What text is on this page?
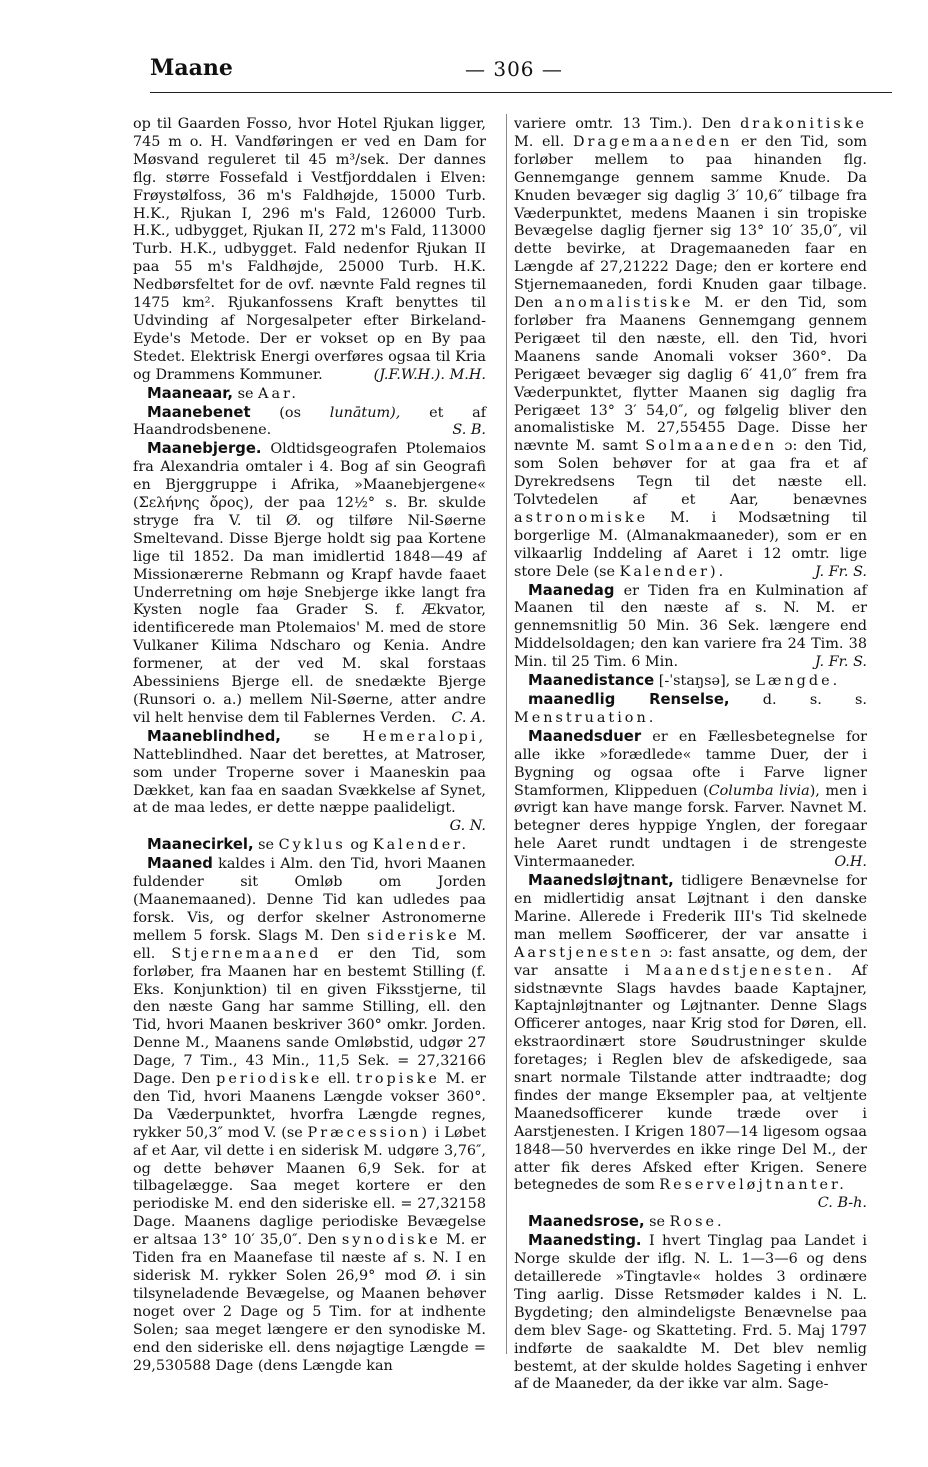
Maane	— 306 —

op til Gaarden Fosso, hvor Hotel Rjukan ligger, 745 m o. H. Vandføringen er ved en Dam for Møsvand reguleret til 45 m³/sek. Der dannes flg. større Fossefald i Vestfjorddalen i Elven: Frøystølfoss, 36 m's Faldhøjde, 15000 Turb. H.K., Rjukan I, 296 m's Fald, 126000 Turb. H.K., udbygget, Rjukan II, 272 m's Fald, 113000 Turb. H.K., udbygget. Fald nedenfor Rjukan II paa 55 m's Faldhøjde, 25000 Turb. H.K. Nedbørsfeltet for de ovf. nævnte Fald regnes til 1475 km². Rjukanfossens Kraft benyttes til Udvinding af Norgesalpeter efter Birkeland-Eyde's Metode. Der er vokset op en By paa Stedet. Elektrisk Energi overføres ogsaa til Kria og Drammens Kommuner.	(J.F.W.H.). M.H.

Maaneaar, se Aar.

Maanebenet (os lunātum), et af Haandrodsbenene.	S. B.

Maanebjerge. Oldtidsgeografen Ptolemaios fra Alexandria omtaler i 4. Bog af sin Geografi en Bjerggruppe i Afrika, »Maanebjergene« (Σελήνης ὄρος), der paa 12½° s. Br. skulde stryge fra V. til Ø. og tilføre Nil-Søerne Smeltevand. Disse Bjerge holdt sig paa Kortene lige til 1852. Da man imidlertid 1848—49 af Missionærerne Rebmann og Krapf havde faaet Underretning om høje Snebjerge ikke langt fra Kysten nogle faa Grader S. f. Ækvator, identificerede man Ptolemaios' M. med de store Vulkaner Kilima Ndscharo og Kenia. Andre formener, at der ved M. skal forstaas Abessiniens Bjerge ell. de snedækte Bjerge (Runsori o. a.) mellem Nil-Søerne, atter andre vil helt henvise dem til Fablernes Verden.	C. A.

Maaneblindhed, se Hemeralopi, Natteblindhed. Naar det berettes, at Matroser, som under Troperne sover i Maaneskin paa Dækket, kan faa en saadan Svækkelse af Synet, at de maa ledes, er dette næppe paalideligt.
G. N.

Maanecirkel, se Cyklus og Kalender.

Maaned kaldes i Alm. den Tid, hvori Maanen fuldender sit Omløb om Jorden (Maanemaaned). Denne Tid kan udledes paa forsk. Vis, og derfor skelner Astronomerne mellem 5 forsk. Slags M. Den sideriske M. ell. Stjernemaaned er den Tid, som forløber, fra Maanen har en bestemt Stilling (f. Eks. Konjunktion) til en given Fiksstjerne, til den næste Gang har samme Stilling, ell. den Tid, hvori Maanen beskriver 360° omkr. Jorden. Denne M., Maanens sande Omløbstid, udgør 27 Dage, 7 Tim., 43 Min., 11,5 Sek. = 27,32166 Dage. Den periodiske ell. tropiske M. er den Tid, hvori Maanens Længde vokser 360°. Da Væderpunktet, hvorfra Længde regnes, rykker 50,3″ mod V. (se Præcession) i Løbet af et Aar, vil dette i en siderisk M. udgøre 3,76″, og dette behøver Maanen 6,9 Sek. for at tilbagelægge. Saa meget kortere er den periodiske M. end den sideriske ell. = 27,32158 Dage. Maanens daglige periodiske Bevægelse er altsaa 13° 10′ 35,0″. Den synodiske M. er Tiden fra en Maanefase til næste af s. N. I en siderisk M. rykker Solen 26,9° mod Ø. i sin tilsyneladende Bevægelse, og Maanen behøver noget over 2 Dage og 5 Tim. for at indhente Solen; saa meget længere er den synodiske M. end den sideriske ell. dens nøjagtige Længde = 29,530588 Dage (dens Længde kan

variere omtr. 13 Tim.). Den drakonitiske M. ell. Dragemaaneden er den Tid, som forløber mellem to paa hinanden flg. Gennemgange gennem samme Knude. Da Knuden bevæger sig daglig 3′ 10,6″ tilbage fra Væderpunktet, medens Maanen i sin tropiske Bevægelse daglig fjerner sig 13° 10′ 35,0″, vil dette bevirke, at Dragemaaneden faar en Længde af 27,21222 Dage; den er kortere end Stjernemaaneden, fordi Knuden gaar tilbage. Den anomalistiske M. er den Tid, som forløber fra Maanens Gennemgang gennem Perigæet til den næste, ell. den Tid, hvori Maanens sande Anomali vokser 360°. Da Perigæet bevæger sig daglig 6′ 41,0″ frem fra Væderpunktet, flytter Maanen sig daglig fra Perigæet 13° 3′ 54,0″, og følgelig bliver den anomalistiske M. 27,55455 Dage. Disse her nævnte M. samt Solmaaneden ɔ: den Tid, som Solen behøver for at gaa fra et af Dyrekredsens Tegn til det næste ell. Tolvtedelen af et Aar, benævnes astronomiske M. i Modsætning til borgerlige M. (Almanakmaaneder), som er en vilkaarlig Inddeling af Aaret i 12 omtr. lige store Dele (se Kalender).	J. Fr. S.

Maanedag er Tiden fra en Kulmination af Maanen til den næste af s. N. M. er gennemsnitlig 50 Min. 36 Sek. længere end Middelsoldagen; den kan variere fra 24 Tim. 38 Min. til 25 Tim. 6 Min.	J. Fr. S.

Maanedistance [-ˈstaŋsə], se Længde.

maanedlig Renselse, d. s. s. Menstruation.

Maanedsduer er en Fællesbetegnelse for alle ikke »forædlede« tamme Duer, der i Bygning og ogsaa ofte i Farve ligner Stamformen, Klippeduen (Columba livia), men i øvrigt kan have mange forsk. Farver. Navnet M. betegner deres hyppige Ynglen, der foregaar hele Aaret rundt undtagen i de strengeste Vintermaaneder.	O.H.

Maanedsløjtnant, tidligere Benævnelse for en midlertidig ansat Løjtnant i den danske Marine. Allerede i Frederik III's Tid skelnede man mellem Søofficerer, der var ansatte i Aarstjenesten ɔ: fast ansatte, og dem, der var ansatte i Maanedstjenesten. Af sidstnævnte Slags havdes baade Kaptajner, Kaptajnløjtnanter og Løjtnanter. Denne Slags Officerer antoges, naar Krig stod for Døren, ell. ekstraordinært store Søudrustninger skulde foretages; i Reglen blev de afskedigede, saa snart normale Tilstande atter indtraadte; dog findes der mange Eksempler paa, at veltjente Maanedsofficerer kunde træde over i Aarstjenesten. I Krigen 1807—14 ligesom ogsaa 1848—50 hververdes en ikke ringe Del M., der atter fik deres Afsked efter Krigen. Senere betegnedes de som Reserveløjtnanter.
C. B-h.

Maanedsrose, se Rose.

Maanedsting. I hvert Tinglag paa Landet i Norge skulde der iflg. N. L. 1—3—6 og dens detaillerede »Tingtavle« holdes 3 ordinære Ting aarlig. Disse Retsmøder kaldes i N. L. Bygdeting; den almindeligste Benævnelse paa dem blev Sage- og Skatteting. Frd. 5. Maj 1797 indførte de saakaldte M. Det blev nemlig bestemt, at der skulde holdes Sageting i enhver af de Maaneder, da der ikke var alm. Sage-
